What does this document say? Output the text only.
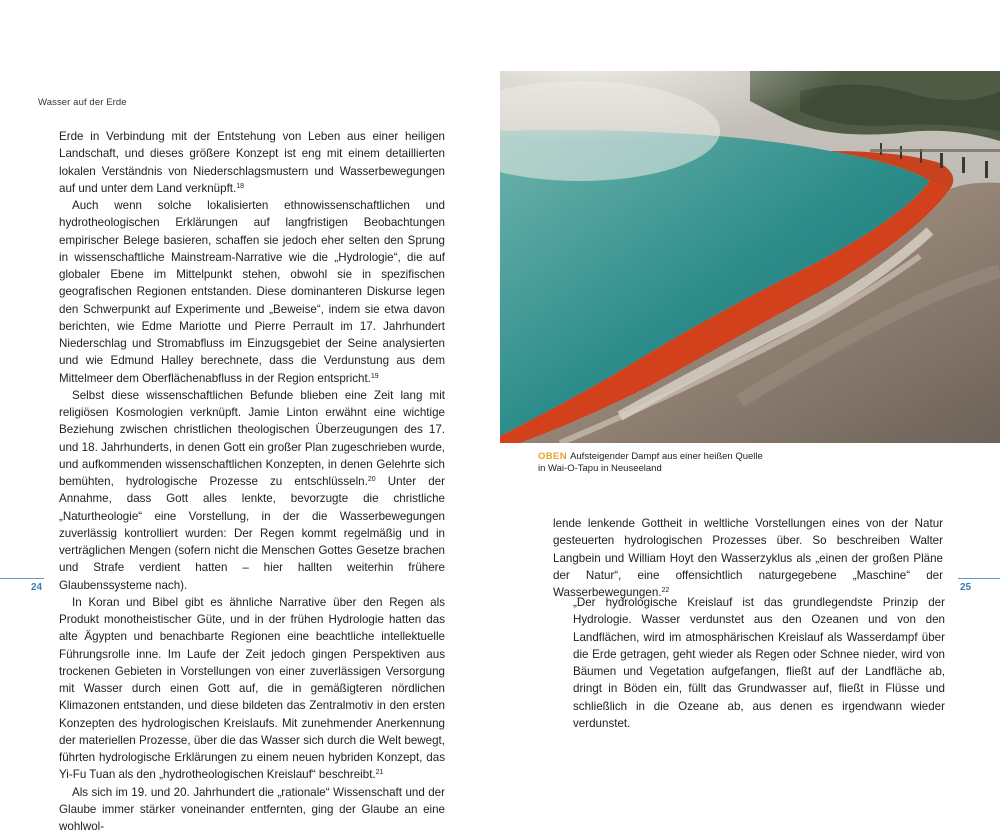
Wasser auf der Erde

Erde in Verbindung mit der Entstehung von Leben aus einer heiligen Landschaft, und dieses größere Konzept ist eng mit einem detaillierten lokalen Verständnis von Niederschlagsmustern und Wasserbewegungen auf und unter dem Land verknüpft.$^{18}$

Auch wenn solche lokalisierten ethnowissenschaftlichen und hydrotheologischen Erklärungen auf langfristigen Beobachtungen empirischer Belege basieren, schaffen sie jedoch eher selten den Sprung in wissenschaftliche Mainstream-Narrative wie die „Hydrologie“, die auf globaler Ebene im Mittelpunkt stehen, obwohl sie in spezifischen geografischen Regionen entstanden. Diese dominanteren Diskurse legen den Schwerpunkt auf Experimente und „Beweise“, indem sie etwa davon berichten, wie Edme Mariotte und Pierre Perrault im 17. Jahrhundert Niederschlag und Stromabfluss im Einzugsgebiet der Seine analysierten und wie Edmund Halley berechnete, dass die Verdunstung aus dem Mittelmeer dem Oberflächenabfluss in der Region entspricht.$^{19}$

Selbst diese wissenschaftlichen Befunde blieben eine Zeit lang mit religiösen Kosmologien verknüpft. Jamie Linton erwähnt eine wichtige Beziehung zwischen christlichen theologischen Überzeugungen des 17. und 18. Jahrhunderts, in denen Gott ein großer Plan zugeschrieben wurde, und aufkommenden wissenschaftlichen Konzepten, in denen Gelehrte sich bemühten, hydrologische Prozesse zu entschlüsseln.$^{20}$ Unter der Annahme, dass Gott alles lenkte, bevorzugte die christliche „Naturtheologie“ eine Vorstellung, in der die Wasserbewegungen zuverlässig kontrolliert wurden: Der Regen kommt regelmäßig und in verträglichen Mengen (sofern nicht die Menschen Gottes Gesetze brachen und Strafe verdient hatten – hier hallten weiterhin frühere Glaubenssysteme nach).

In Koran und Bibel gibt es ähnliche Narrative über den Regen als Produkt monotheistischer Güte, und in der frühen Hydrologie hatten das alte Ägypten und benachbarte Regionen eine beachtliche intellektuelle Führungsrolle inne. Im Laufe der Zeit jedoch gingen Perspektiven aus trockenen Gebieten in Vorstellungen von einer zuverlässigen Versorgung mit Wasser durch einen Gott auf, die in gemäßigteren nördlichen Klimazonen entstanden, und diese bildeten das Zentralmotiv in den ersten Konzepten des hydrologischen Kreislaufs. Mit zunehmender Anerkennung der materiellen Prozesse, über die das Wasser sich durch die Welt bewegt, führten hydrologische Erklärungen zu einem neuen hybriden Konzept, das Yi-Fu Tuan als den „hydrotheologischen Kreislauf“ beschreibt.$^{21}$

Als sich im 19. und 20. Jahrhundert die „rationale“ Wissenschaft und der Glaube immer stärker voneinander entfernten, ging der Glaube an eine wohlwol-

24
OBEN Aufsteigender Dampf aus einer heißen Quelle
in Wai-O-Tapu in Neuseeland

lende lenkende Gottheit in weltliche Vorstellungen eines von der Natur gesteuerten hydrologischen Prozesses über. So beschreiben Walter Langbein und William Hoyt den Wasserzyklus als „einen der großen Pläne der Natur“, eine offensichtlich naturgegebene „Maschine“ der Wasserbewegungen.$^{22}$

„Der hydrologische Kreislauf ist das grundlegendste Prinzip der Hydrologie. Wasser verdunstet aus den Ozeanen und von den Landflächen, wird im atmosphärischen Kreislauf als Wasserdampf über die Erde getragen, geht wieder als Regen oder Schnee nieder, wird von Bäumen und Vegetation aufgefangen, fließt auf der Landfläche ab, dringt in Böden ein, füllt das Grundwasser auf, fließt in Flüsse und schließlich in die Ozeane ab, aus denen es irgendwann wieder verdunstet.

25
